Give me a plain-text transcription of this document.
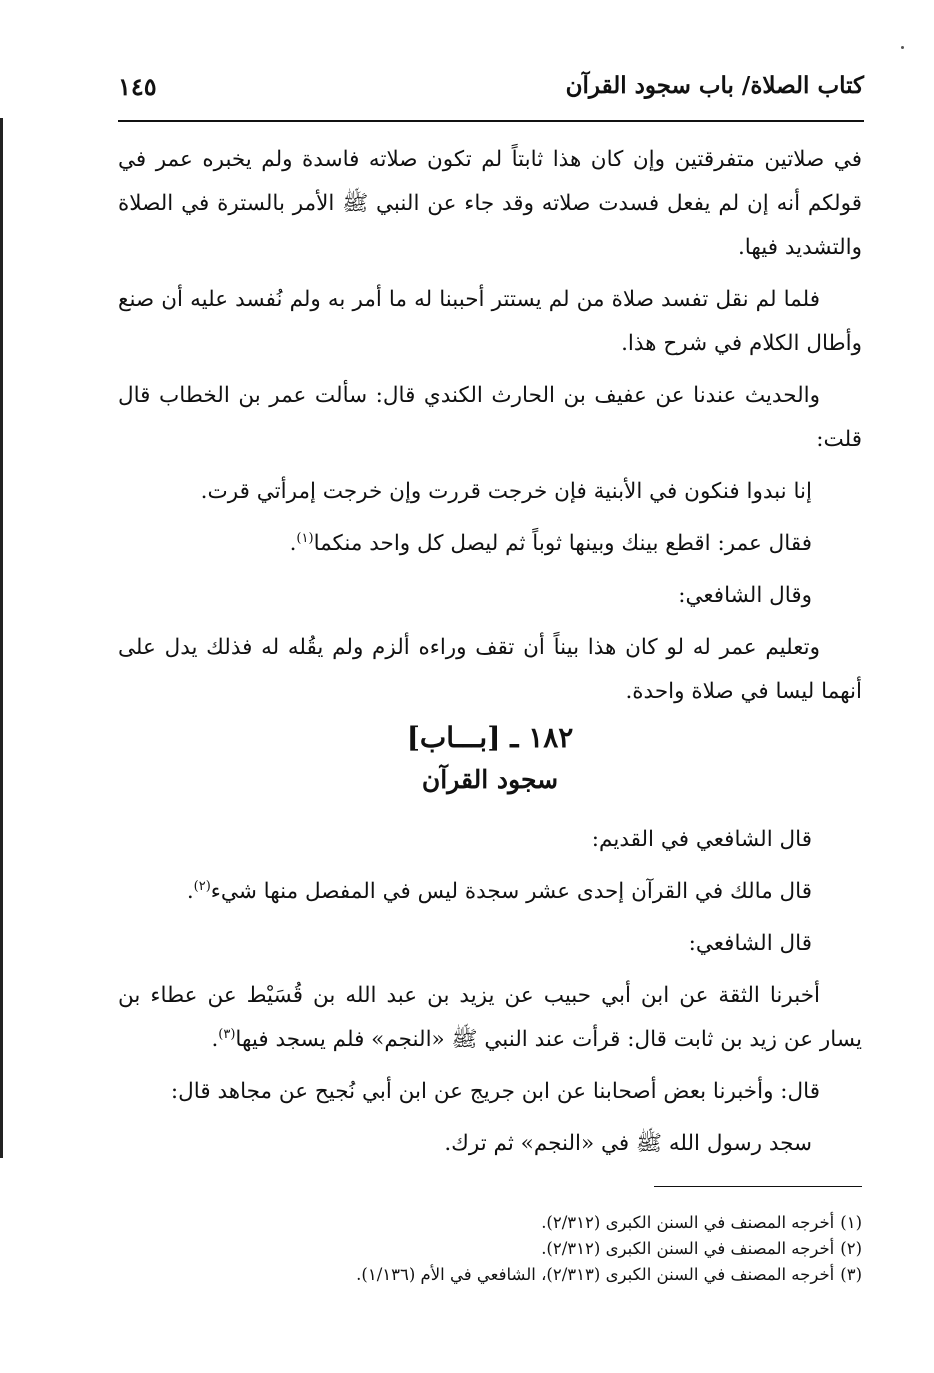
كتاب الصلاة/ باب سجود القرآن
١٤٥

في صلاتين متفرقتين وإن كان هذا ثابتاً لم تكون صلاته فاسدة ولم يخبره عمر في قولكم أنه إن لم يفعل فسدت صلاته وقد جاء عن النبي ﷺ الأمر بالسترة في الصلاة والتشديد فيها.

فلما لم نقل تفسد صلاة من لم يستتر أحببنا له ما أمر به ولم نُفسد عليه أن صنع وأطال الكلام في شرح هذا.

والحديث عندنا عن عفيف بن الحارث الكندي قال: سألت عمر بن الخطاب قال قلت:

إنا نبدوا فنكون في الأبنية فإن خرجت قررت وإن خرجت إمرأتي قرت.

فقال عمر: اقطع بينك وبينها ثوباً ثم ليصل كل واحد منكما$^{(١)}$.

وقال الشافعي:

وتعليم عمر له لو كان هذا بيناً أن تقف وراءه ألزم ولم يقُله له فذلك يدل على أنهما ليسا في صلاة واحدة.

١٨٢ ـ [بـــاب]
سجود القرآن

قال الشافعي في القديم:

قال مالك في القرآن إحدى عشر سجدة ليس في المفصل منها شيء$^{(٢)}$.

قال الشافعي:

أخبرنا الثقة عن ابن أبي حبيب عن يزيد بن عبد الله بن قُسَيْط عن عطاء بن يسار عن زيد بن ثابت قال: قرأت عند النبي ﷺ «النجم» فلم يسجد فيها$^{(٣)}$.

قال: وأخبرنا بعض أصحابنا عن ابن جريج عن ابن أبي نُجيح عن مجاهد قال:

سجد رسول الله ﷺ في «النجم» ثم ترك.

(١)أخرجه المصنف في السنن الكبرى (٢/٣١٢).

(٢)أخرجه المصنف في السنن الكبرى (٢/٣١٢).

(٣)أخرجه المصنف في السنن الكبرى (٢/٣١٣)، الشافعي في الأم (١/١٣٦).
